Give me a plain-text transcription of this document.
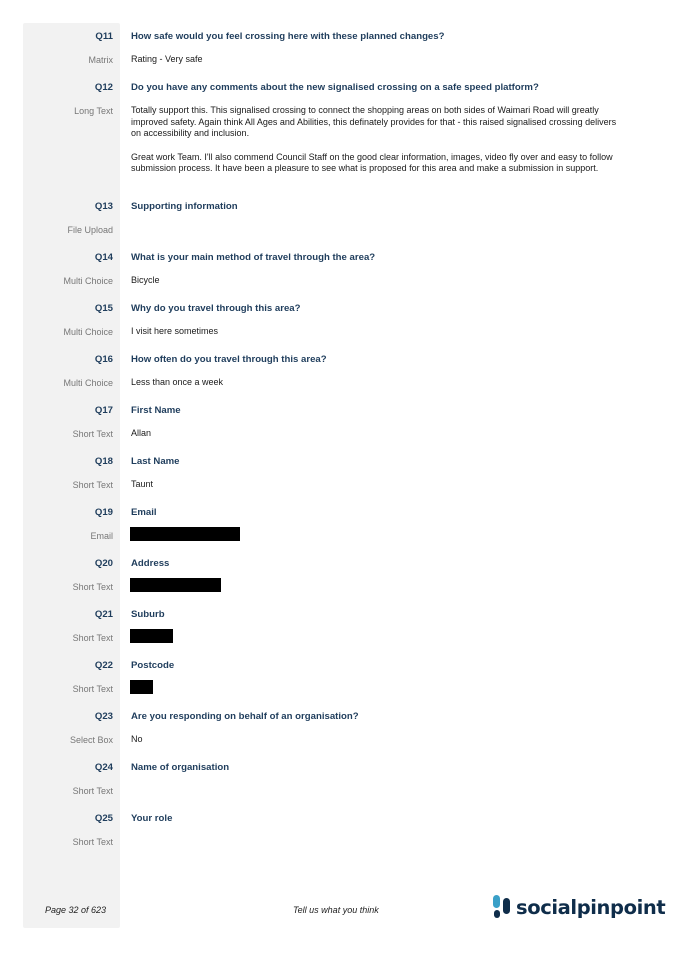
Q11 How safe would you feel crossing here with these planned changes?
Matrix Rating - Very safe
Q12 Do you have any comments about the new signalised crossing on a safe speed platform?
Long Text Totally support this. This signalised crossing to connect the shopping areas on both sides of Waimari Road will greatly improved safety. Again think All Ages and Abilities, this definately provides for that - this raised signalised crossing delivers on accessibility and inclusion.

Great work Team. I'll also commend Council Staff on the good clear information, images, video fly over and easy to follow submission process. It have been a pleasure to see what is proposed for this area and make a submission in support.

Q13 Supporting information
File Upload
Q14 What is your main method of travel through the area?
Multi Choice Bicycle
Q15 Why do you travel through this area?
Multi Choice I visit here sometimes
Q16 How often do you travel through this area?
Multi Choice Less than once a week
Q17 First Name
Short Text Allan
Q18 Last Name
Short Text Taunt
Q19 Email
Email
Q20 Address
Short Text
Q21 Suburb
Short Text
Q22 Postcode
Short Text
Q23 Are you responding on behalf of an organisation?
Select Box No
Q24 Name of organisation
Short Text
Q25 Your role
Short Text
Page 32 of 623	Tell us what you think	socialpinpoint
